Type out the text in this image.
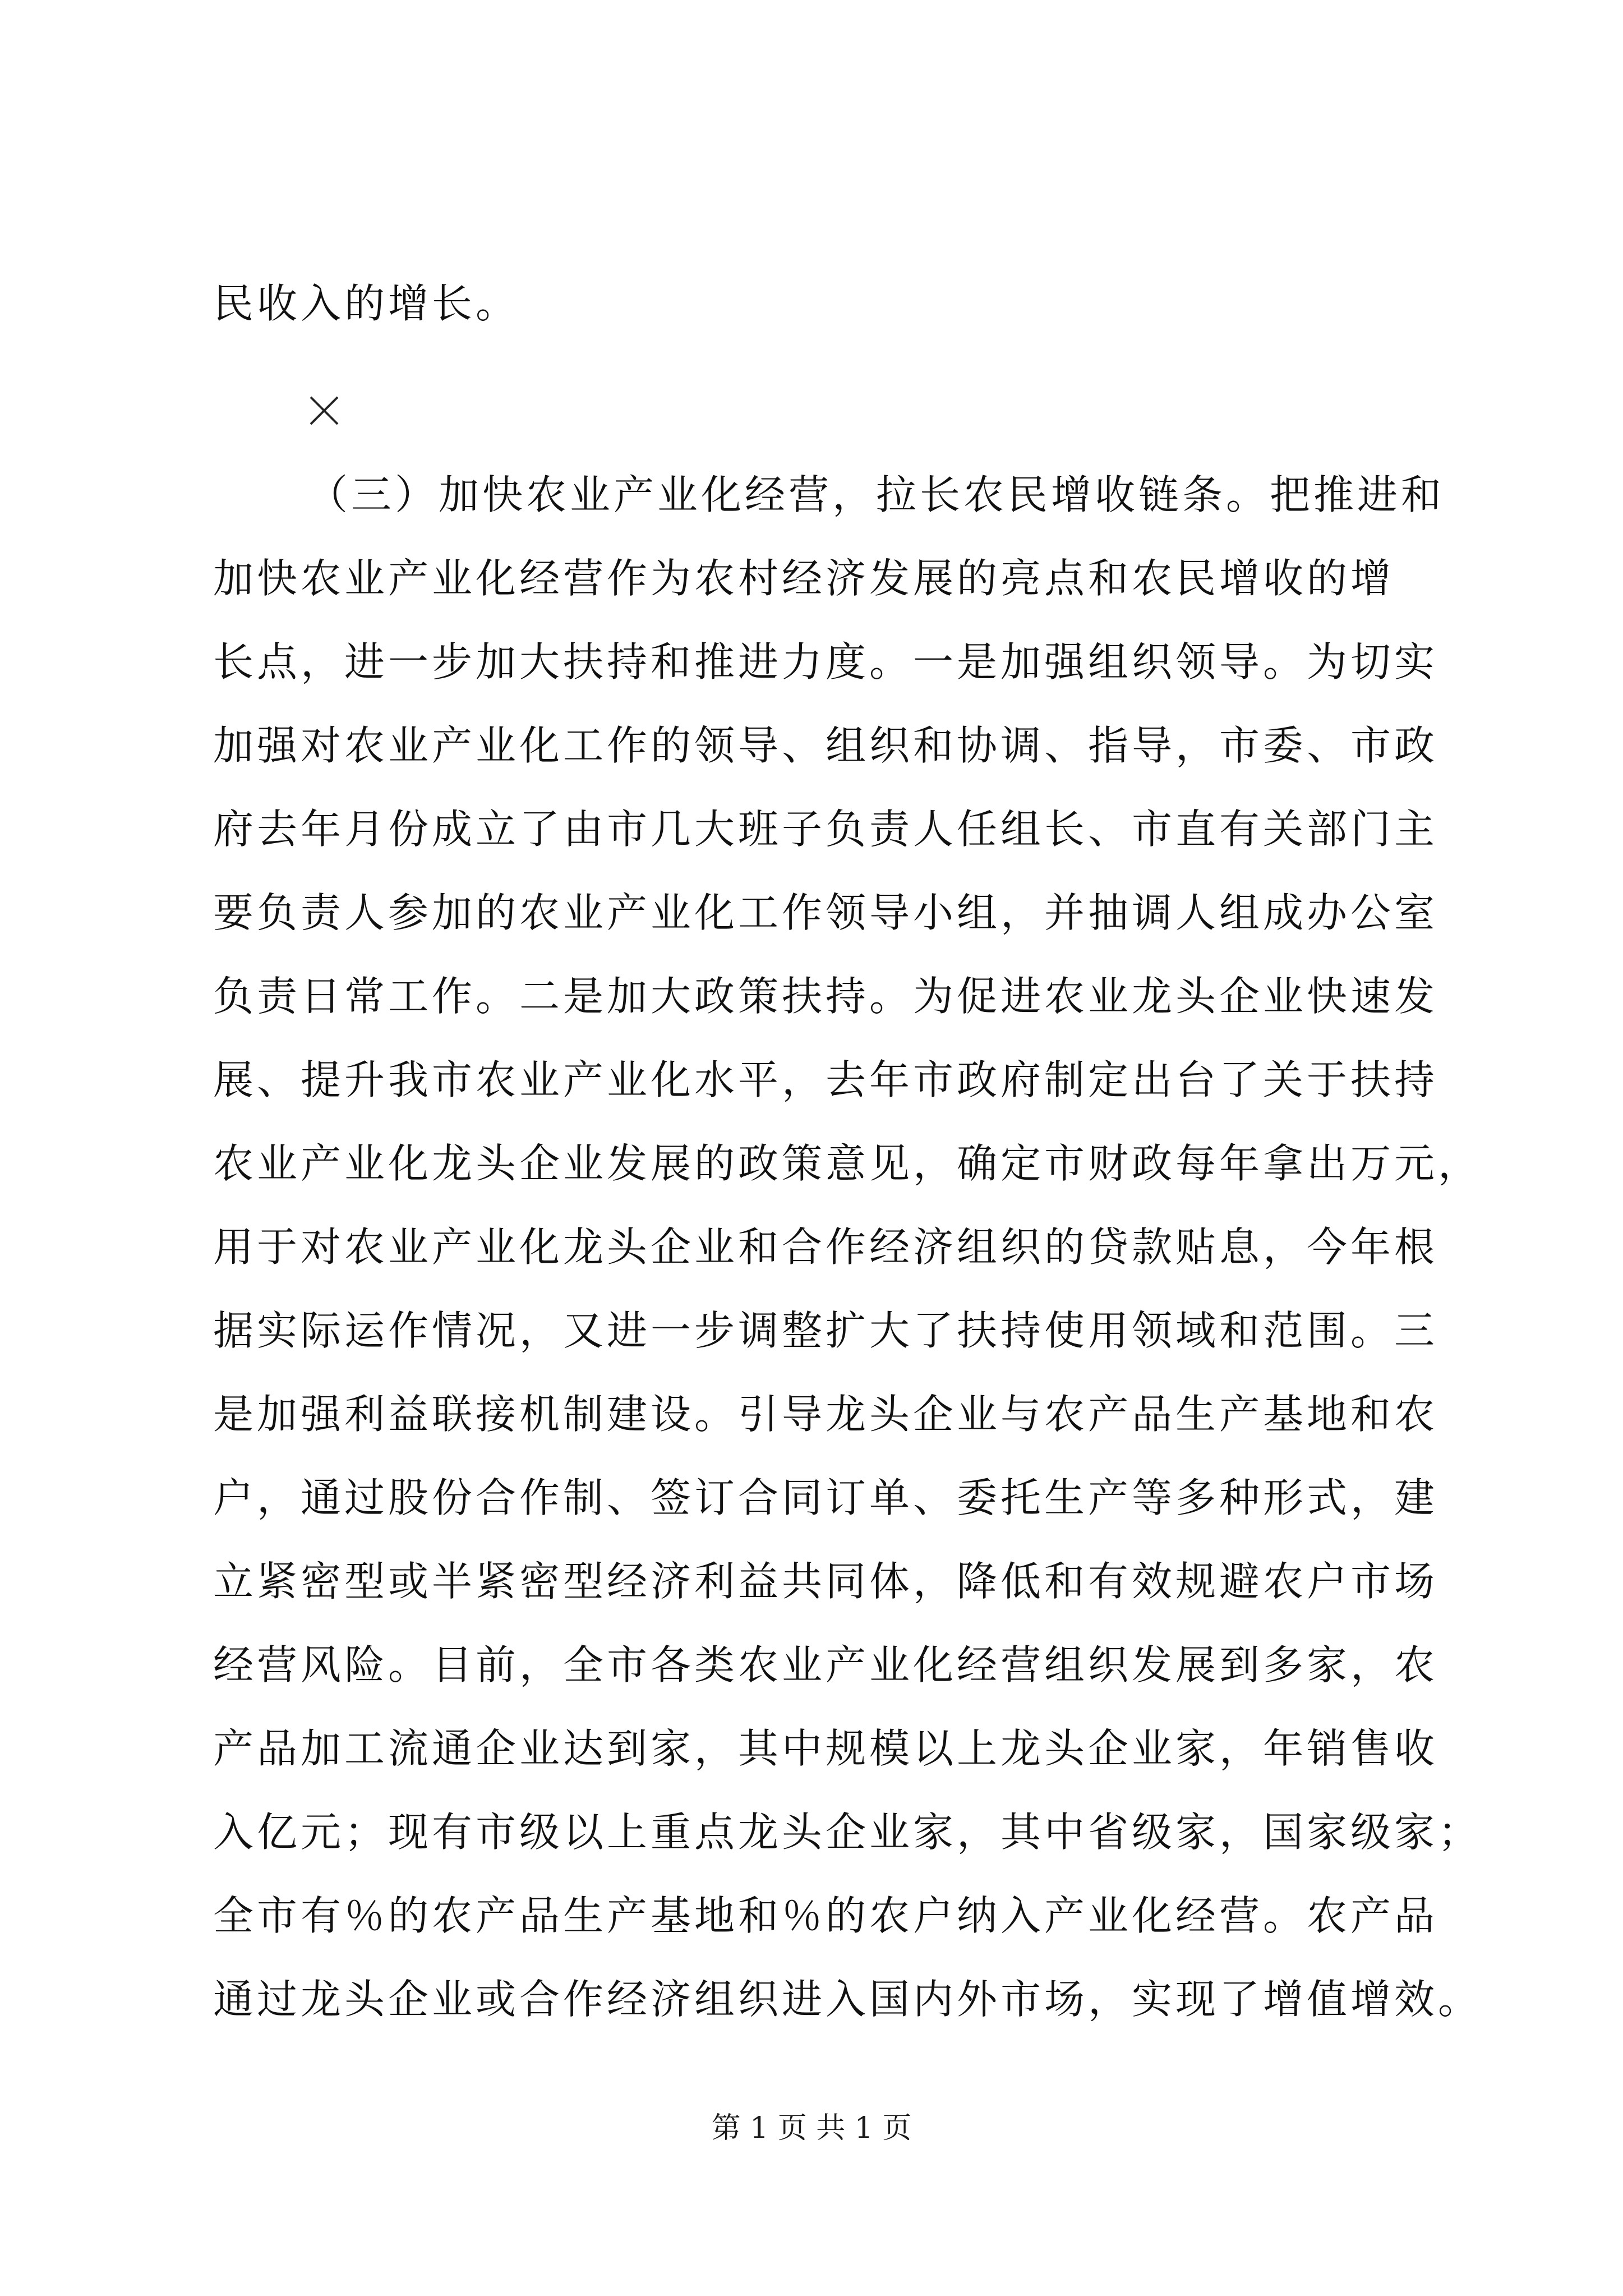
民收入的增长。
（三）加快农业产业化经营，拉长农民增收链条。把推进和
加快农业产业化经营作为农村经济发展的亮点和农民增收的增
长点，进一步加大扶持和推进力度。一是加强组织领导。为切实
加强对农业产业化工作的领导、组织和协调、指导，市委、市政
府去年月份成立了由市几大班子负责人任组长、市直有关部门主
要负责人参加的农业产业化工作领导小组，并抽调人组成办公室
负责日常工作。二是加大政策扶持。为促进农业龙头企业快速发
展、提升我市农业产业化水平，去年市政府制定出台了关于扶持
农业产业化龙头企业发展的政策意见，确定市财政每年拿出万元，
用于对农业产业化龙头企业和合作经济组织的贷款贴息，今年根
据实际运作情况，又进一步调整扩大了扶持使用领域和范围。三
是加强利益联接机制建设。引导龙头企业与农产品生产基地和农
户，通过股份合作制、签订合同订单、委托生产等多种形式，建
立紧密型或半紧密型经济利益共同体，降低和有效规避农户市场
经营风险。目前，全市各类农业产业化经营组织发展到多家，农
产品加工流通企业达到家，其中规模以上龙头企业家，年销售收
入亿元；现有市级以上重点龙头企业家，其中省级家，国家级家；
全市有％的农产品生产基地和％的农户纳入产业化经营。农产品
通过龙头企业或合作经济组织进入国内外市场，实现了增值增效。
第 1 页 共 1 页
